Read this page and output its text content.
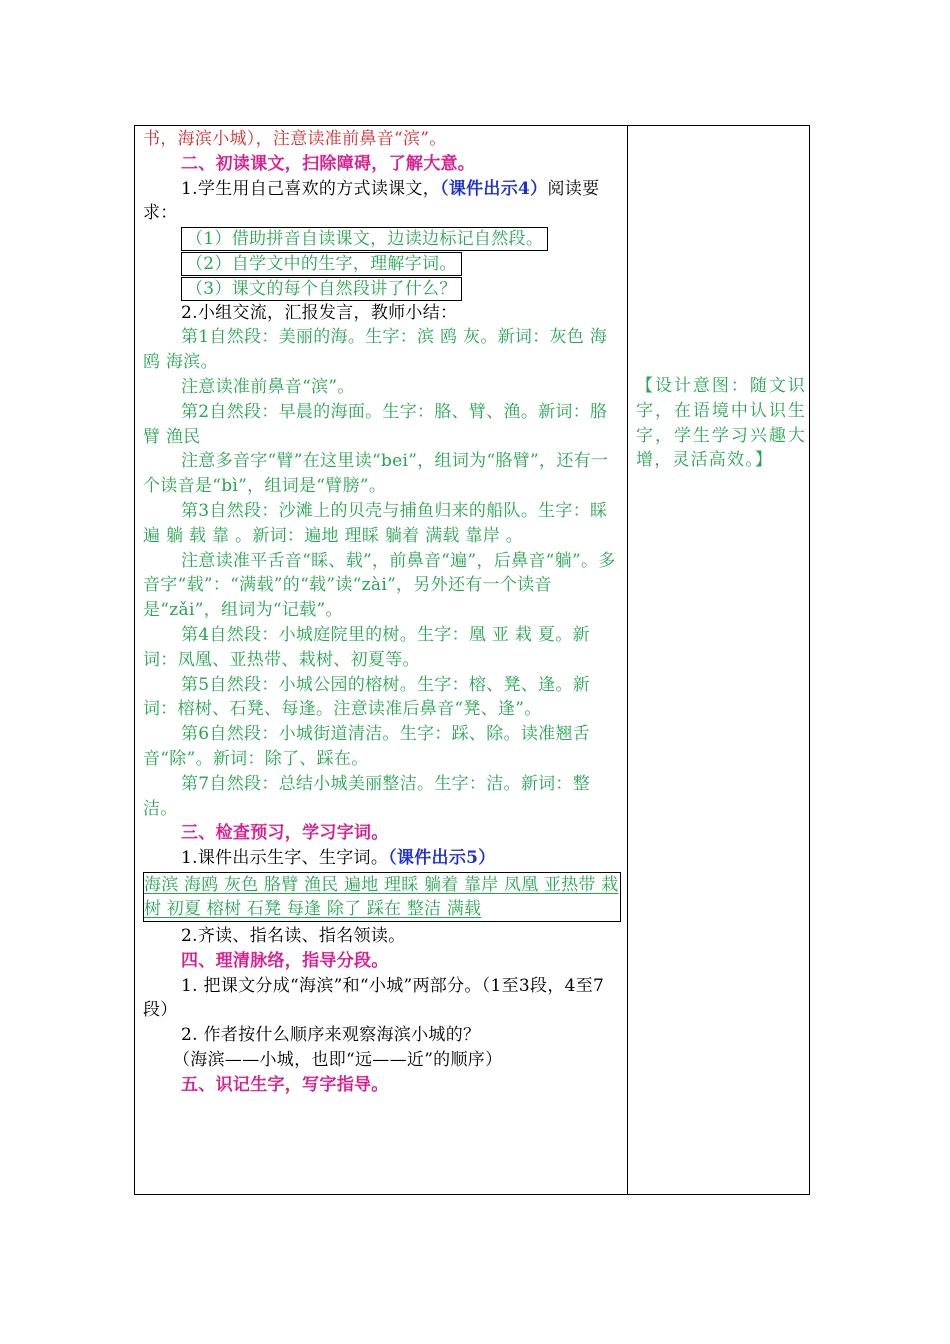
书，海滨小城），注意读准前鼻音“滨”。

二、初读课文，扫除障碍，了解大意。

1.学生用自己喜欢的方式读课文，（课件出示4）阅读要求：

（1）借助拼音自读课文，边读边标记自然段。
（2）自学文中的生字，理解字词。
（3）课文的每个自然段讲了什么？

2.小组交流，汇报发言，教师小结：

第1自然段：美丽的海。生字：滨 鸥 灰。新词：灰色 海鸥 海滨。

注意读准前鼻音“滨”。

第2自然段：早晨的海面。生字：胳、臂、渔。新词：胳臂 渔民

注意多音字“臂”在这里读“bei”，组词为“胳臂”，还有一个读音是“bì”，组词是“臂膀”。

第3自然段：沙滩上的贝壳与捕鱼归来的船队。生字：睬 遍 躺 载 靠 。新词：遍地 理睬 躺着 满载 靠岸 。

注意读准平舌音“睬、载”，前鼻音“遍”，后鼻音“躺”。多音字“载”：“满载”的“载”读“zài”，另外还有一个读音是“zǎi”，组词为“记载”。

第4自然段：小城庭院里的树。生字：凰 亚 栽 夏。新词：凤凰、亚热带、栽树、初夏等。

第5自然段：小城公园的榕树。生字：榕、凳、逢。新词：榕树、石凳、每逢。注意读准后鼻音“凳、逢”。

第6自然段：小城街道清洁。生字：踩、除。读准翘舌音“除”。新词：除了、踩在。

第7自然段：总结小城美丽整洁。生字：洁。新词：整洁。

三、检查预习，学习字词。

1.课件出示生字、生字词。（课件出示5）

海滨 海鸥 灰色 胳臂 渔民 遍地 理睬 躺着 靠岸 凤凰 亚热带 栽树 初夏 榕树 石凳 每逢 除了 踩在 整洁 满载

2.齐读、指名读、指名领读。

四、理清脉络，指导分段。

1. 把课文分成“海滨”和“小城”两部分。（1至3段，4至7段）

2. 作者按什么顺序来观察海滨小城的？

（海滨——小城，也即“远——近”的顺序）

五、识记生字，写字指导。

【设计意图：随文识字，在语境中认识生字，学生学习兴趣大增，灵活高效。】
